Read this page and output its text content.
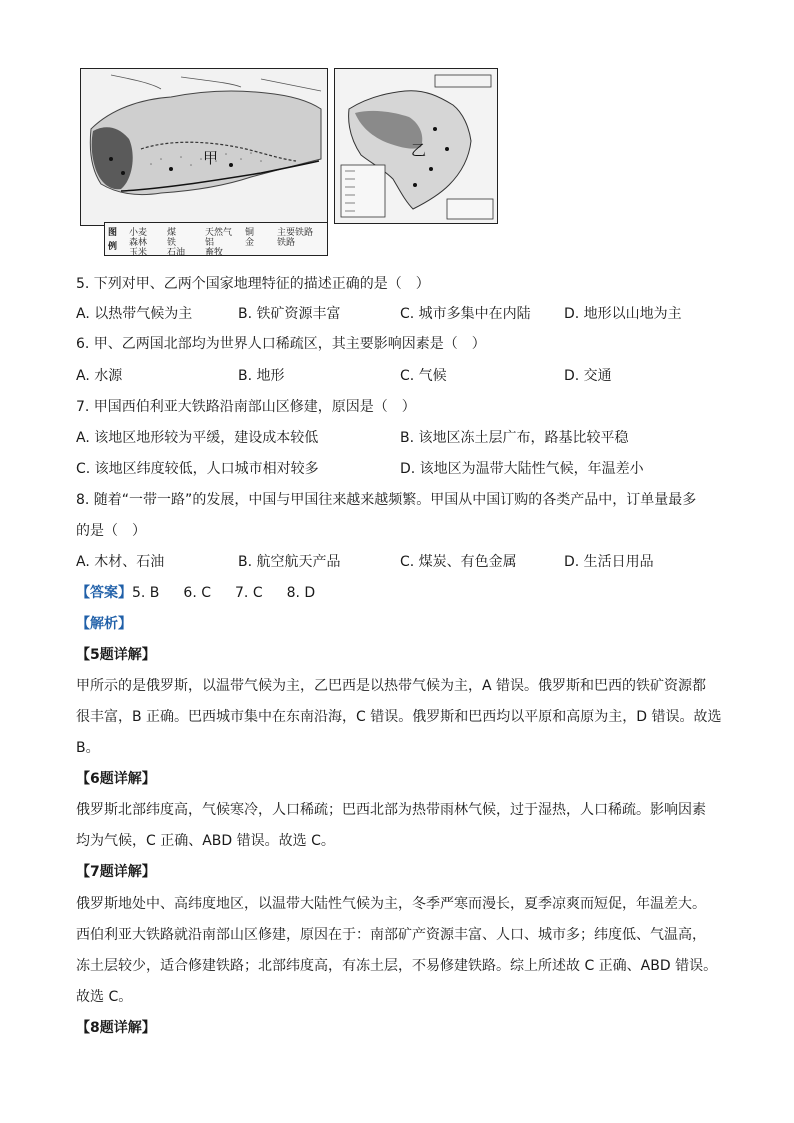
甲
图
例
小麦
森林
玉米
煤
铁
石油
天然气
铝
畜牧
铜
金
主要铁路
铁路
乙
5. 下列对甲、乙两个国家地理特征的描述正确的是（　）
A. 以热带气候为主	B. 铁矿资源丰富	C. 城市多集中在内陆 D. 地形以山地为主
6. 甲、乙两国北部均为世界人口稀疏区，其主要影响因素是（　）
A. 水源	B. 地形	C. 气候	D. 交通
7. 甲国西伯利亚大铁路沿南部山区修建，原因是（　）
A. 该地区地形较为平缓，建设成本较低	B. 该地区冻土层广布，路基比较平稳
C. 该地区纬度较低，人口城市相对较多	D. 该地区为温带大陆性气候，年温差小
8. 随着“一带一路”的发展，中国与甲国往来越来越频繁。甲国从中国订购的各类产品中，订单量最多
的是（　）
A. 木材、石油	B. 航空航天产品	C. 煤炭、有色金属	D. 生活日用品
【答案】5. B 6. C 7. C 8. D
【解析】
【5题详解】
甲所示的是俄罗斯，以温带气候为主，乙巴西是以热带气候为主，A 错误。俄罗斯和巴西的铁矿资源都
很丰富，B 正确。巴西城市集中在东南沿海，C 错误。俄罗斯和巴西均以平原和高原为主，D 错误。故选
B。
【6题详解】
俄罗斯北部纬度高，气候寒冷，人口稀疏；巴西北部为热带雨林气候，过于湿热，人口稀疏。影响因素
均为气候，C 正确、ABD 错误。故选 C。
【7题详解】
俄罗斯地处中、高纬度地区，以温带大陆性气候为主，冬季严寒而漫长，夏季凉爽而短促，年温差大。
西伯利亚大铁路就沿南部山区修建，原因在于：南部矿产资源丰富、人口、城市多；纬度低、气温高，
冻土层较少，适合修建铁路；北部纬度高，有冻土层，不易修建铁路。综上所述故 C 正确、ABD 错误。
故选 C。
【8题详解】
